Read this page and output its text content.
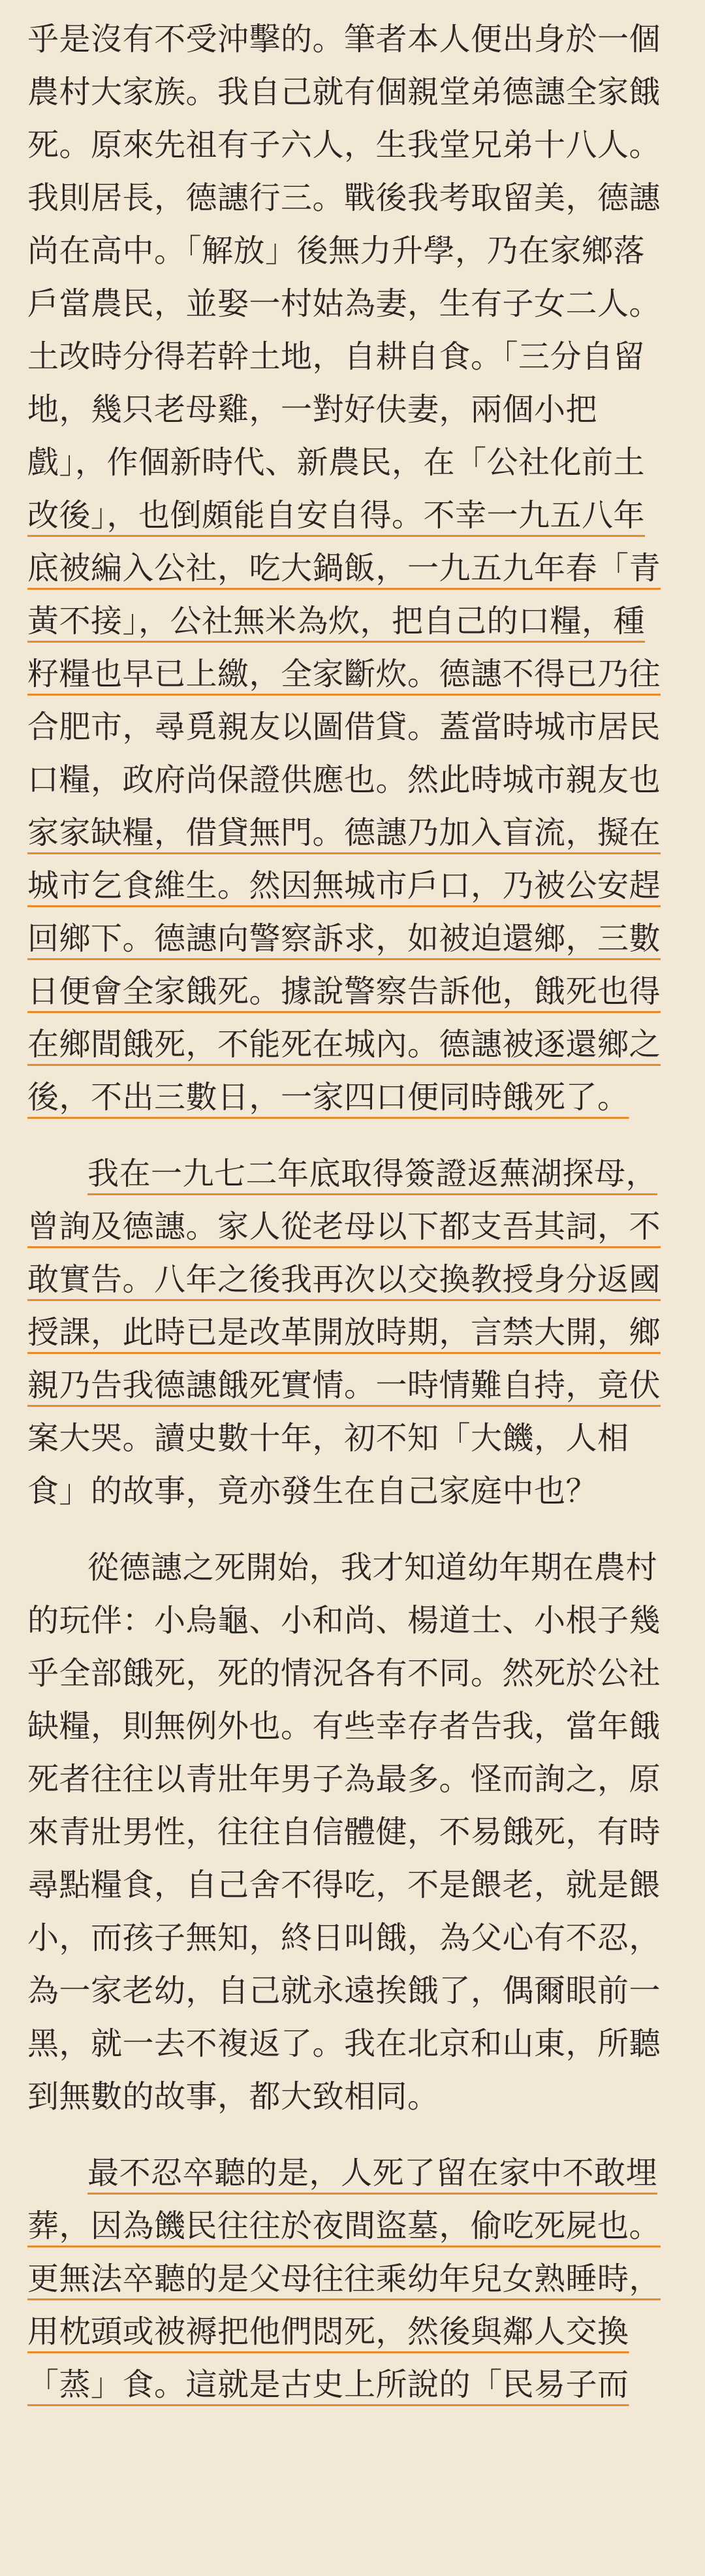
乎是沒有不受沖擊的。筆者本人便出身於一個
農村大家族。我自己就有個親堂弟德譓全家餓
死。原來先祖有子六人，生我堂兄弟十八人。
我則居長，德譓行三。戰後我考取留美，德譓
尚在高中。「解放」後無力升學，乃在家鄉落
戶當農民，並娶一村姑為妻，生有子女二人。
土改時分得若幹土地，自耕自食。「三分自留
地，幾只老母雞，一對好伕妻，兩個小把
戲」，作個新時代、新農民，在「公社化前土
改後」，也倒頗能自安自得。不幸一九五八年
底被編入公社，吃大鍋飯，一九五九年春「青
黃不接」，公社無米為炊，把自己的口糧，種
籽糧也早已上繳，全家斷炊。德譓不得已乃往
合肥市，尋覓親友以圖借貸。蓋當時城市居民
口糧，政府尚保證供應也。然此時城市親友也
家家缺糧，借貸無門。德譓乃加入盲流，擬在
城市乞食維生。然因無城市戶口，乃被公安趕
回鄉下。德譓向警察訴求，如被迫還鄉，三數
日便會全家餓死。據說警察告訴他，餓死也得
在鄉間餓死，不能死在城內。德譓被逐還鄉之
後，不出三數日，一家四口便同時餓死了。
我在一九七二年底取得簽證返蕪湖探母，
曾詢及德譓。家人從老母以下都支吾其詞，不
敢實告。八年之後我再次以交換教授身分返國
授課，此時已是改革開放時期，言禁大開，鄉
親乃告我德譓餓死實情。一時情難自持，竟伏
案大哭。讀史數十年，初不知「大饑，人相
食」的故事，竟亦發生在自己家庭中也？
從德譓之死開始，我才知道幼年期在農村
的玩伴：小烏龜、小和尚、楊道士、小根子幾
乎全部餓死，死的情況各有不同。然死於公社
缺糧，則無例外也。有些幸存者告我，當年餓
死者往往以青壯年男子為最多。怪而詢之，原
來青壯男性，往往自信體健，不易餓死，有時
尋點糧食，自己舍不得吃，不是餵老，就是餵
小，而孩子無知，終日叫餓，為父心有不忍，
為一家老幼，自己就永遠挨餓了，偶爾眼前一
黑，就一去不複返了。我在北京和山東，所聽
到無數的故事，都大致相同。
最不忍卒聽的是，人死了留在家中不敢埋
葬，因為饑民往往於夜間盜墓，偷吃死屍也。
更無法卒聽的是父母往往乘幼年兒女熟睡時，
用枕頭或被褥把他們悶死，然後與鄰人交換
「蒸」食。這就是古史上所說的「民易子而
